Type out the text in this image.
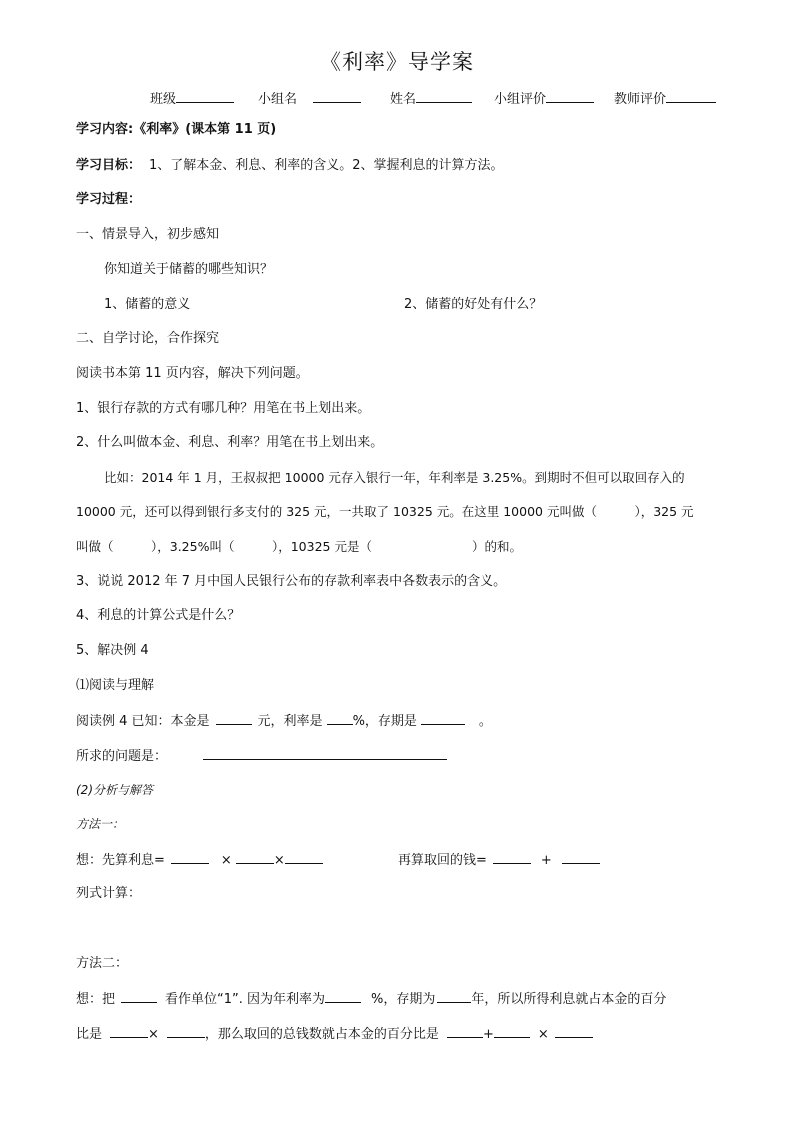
《利率》导学案
班级	小组名	姓名	小组评价	教师评价
学习内容:《利率》(课本第 11 页)
学习目标： 1、了解本金、利息、利率的含义。2、掌握利息的计算方法。
学习过程：
一、情景导入，初步感知
你知道关于储蓄的哪些知识？
1、储蓄的意义	2、储蓄的好处有什么？
二、自学讨论，合作探究
阅读书本第 11 页内容，解决下列问题。
1、银行存款的方式有哪几种？用笔在书上划出来。
2、什么叫做本金、利息、利率？用笔在书上划出来。
比如：2014 年 1 月，王叔叔把 10000 元存入银行一年，年利率是 3.25%。到期时不但可以取回存入的
10000 元，还可以得到银行多支付的 325 元，一共取了 10325 元。在这里 10000 元叫做（　　　），325 元
叫做（　　　），3.25%叫（　　　），10325 元是（　　　　　　　　）的和。
3、说说 2012 年 7 月中国人民银行公布的存款利率表中各数表示的含义。
4、利息的计算公式是什么？
5、解决例 4
⑴阅读与理解
阅读例 4 已知：本金是	元，利率是 %，存期是	。
所求的问题是：
(2)分析与解答
方法一：
想：先算利息=	×	×	再算取回的钱=	+
列式计算：
方法二：
想：把	看作单位“1”. 因为年利率为	%，存期为	年，所以所得利息就占本金的百分
比是	×	，那么取回的总钱数就占本金的百分比是	+	×
